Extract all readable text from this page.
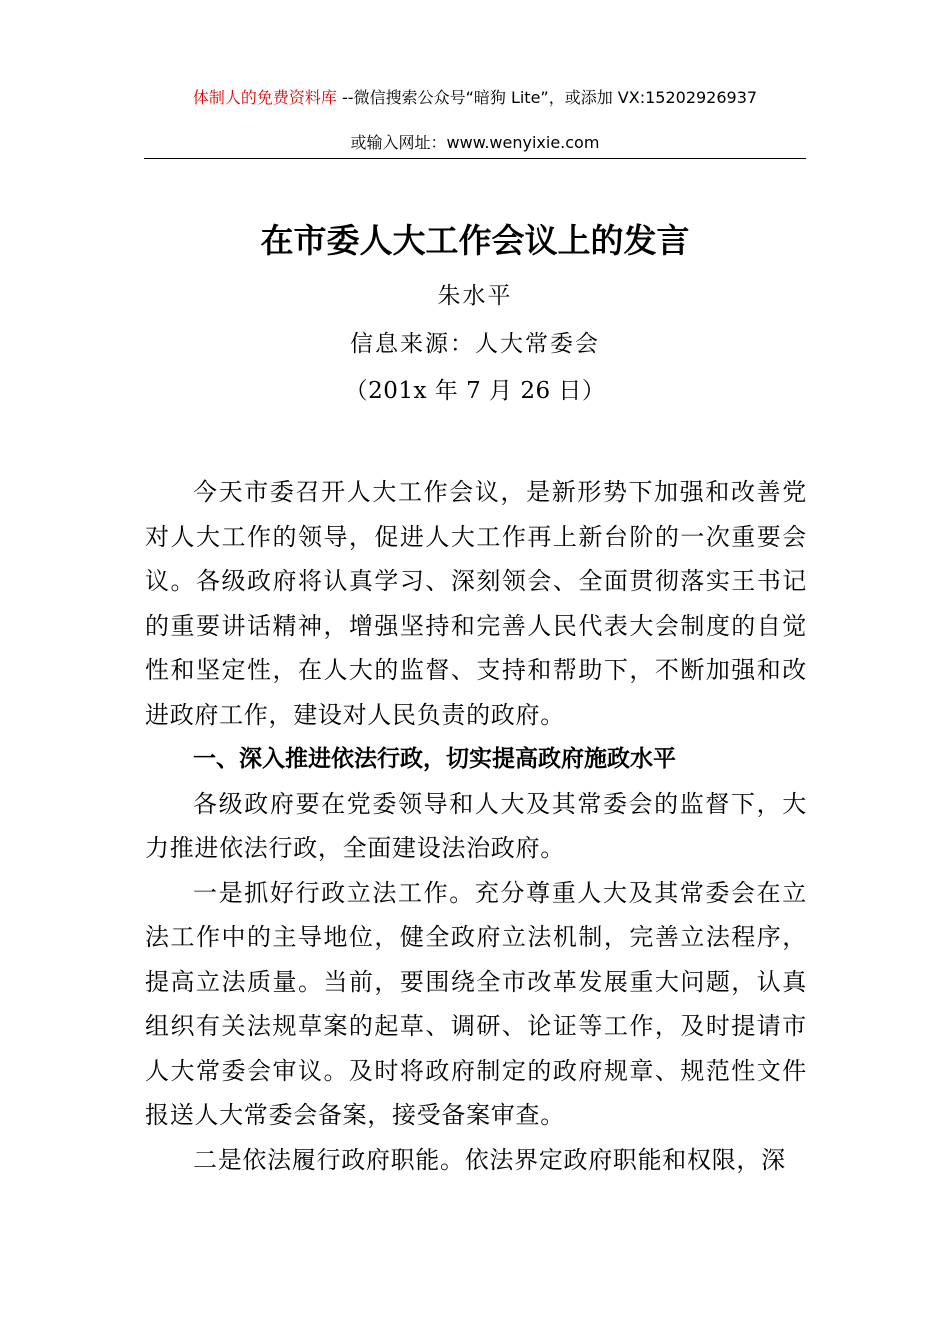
体制人的免费资料库 --微信搜索公众号“暗狗 Lite”，或添加 VX:15202926937
或输入网址：www.wenyixie.com
在市委人大工作会议上的发言
朱水平
信息来源：人大常委会
（201x 年 7 月 26 日）

今天市委召开人大工作会议，是新形势下加强和改善党对人大工作的领导，促进人大工作再上新台阶的一次重要会议。各级政府将认真学习、深刻领会、全面贯彻落实王书记的重要讲话精神，增强坚持和完善人民代表大会制度的自觉性和坚定性，在人大的监督、支持和帮助下，不断加强和改进政府工作，建设对人民负责的政府。

一、深入推进依法行政，切实提高政府施政水平

各级政府要在党委领导和人大及其常委会的监督下，大力推进依法行政，全面建设法治政府。

一是抓好行政立法工作。充分尊重人大及其常委会在立法工作中的主导地位，健全政府立法机制，完善立法程序，提高立法质量。当前，要围绕全市改革发展重大问题，认真组织有关法规草案的起草、调研、论证等工作，及时提请市人大常委会审议。及时将政府制定的政府规章、规范性文件报送人大常委会备案，接受备案审查。

二是依法履行政府职能。依法界定政府职能和权限，深
